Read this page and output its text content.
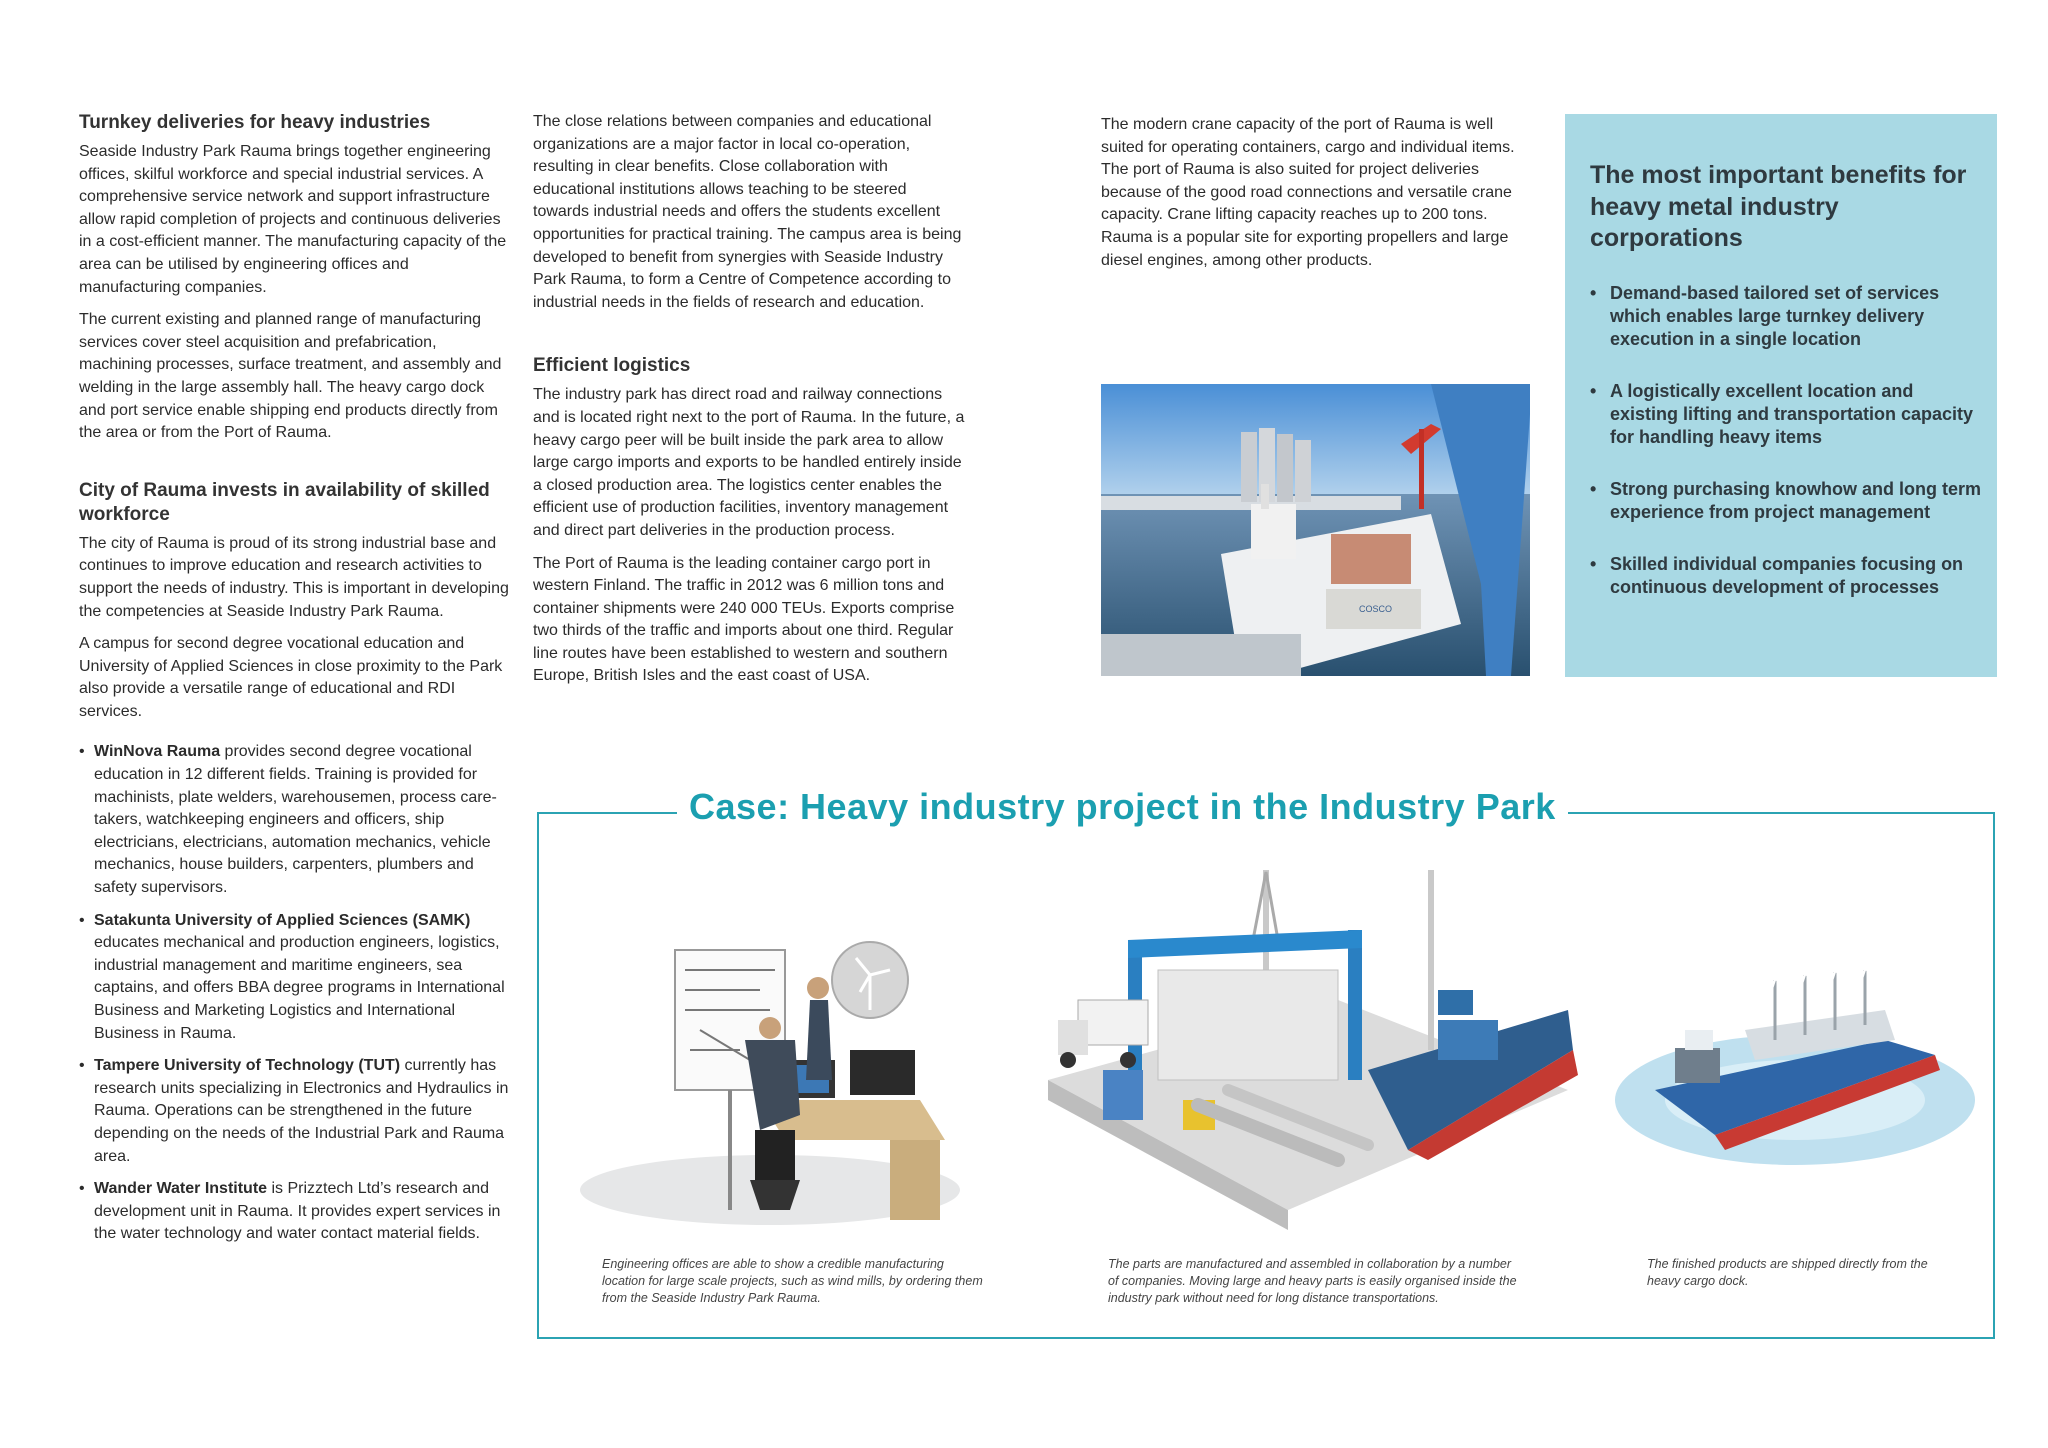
Turnkey deliveries for heavy industries

Seaside Industry Park Rauma brings together engineering offices, skilful workforce and special industrial services. A comprehensive service network and support infrastructure allow rapid completion of projects and continuous deliveries in a cost-efficient manner. The manufacturing capacity of the area can be utilised by engineering offices and manufacturing companies.

The current existing and planned range of manufacturing services cover steel acquisition and prefabrication, machining processes, surface treatment, and assembly and welding in the large assembly hall. The heavy cargo dock and port service enable shipping end products directly from the area or from the Port of Rauma.

City of Rauma invests in availability of skilled workforce

The city of Rauma is proud of its strong industrial base and continues to improve education and research activities to support the needs of industry. This is important in developing the competencies at Seaside Industry Park Rauma.

A campus for second degree vocational education and University of Applied Sciences in close proximity to the Park also provide a versatile range of educational and RDI services.

• WinNova Rauma provides second degree vocational education in 12 different fields. Training is provided for machinists, plate welders, warehousemen, process care-takers, watchkeeping engineers and officers, ship electricians, electricians, automation mechanics, vehicle mechanics, house builders, carpenters, plumbers and safety supervisors.
• Satakunta University of Applied Sciences (SAMK) educates mechanical and production engineers, logistics, industrial management and maritime engineers, sea captains, and offers BBA degree programs in International Business and Marketing Logistics and International Business in Rauma.
• Tampere University of Technology (TUT) currently has research units specializing in Electronics and Hydraulics in Rauma. Operations can be strengthened in the future depending on the needs of the Industrial Park and Rauma area.
• Wander Water Institute is Prizztech Ltd’s research and development unit in Rauma. It provides expert services in the water technology and water contact material fields.

The close relations between companies and educational organizations are a major factor in local co-operation, resulting in clear benefits. Close collaboration with educational institutions allows teaching to be steered towards industrial needs and offers the students excellent opportunities for practical training. The campus area is being developed to benefit from synergies with Seaside Industry Park Rauma, to form a Centre of Competence according to industrial needs in the fields of research and education.

Efficient logistics

The industry park has direct road and railway connections and is located right next to the port of Rauma. In the future, a heavy cargo peer will be built inside the park area to allow large cargo imports and exports to be handled entirely inside a closed production area. The logistics center enables the efficient use of production facilities, inventory management and direct part deliveries in the production process.

The Port of Rauma is the leading container cargo port in western Finland. The traffic in 2012 was 6 million tons and container shipments were 240 000 TEUs. Exports comprise two thirds of the traffic and imports about one third. Regular line routes have been established to western and southern Europe, British Isles and the east coast of USA.

The modern crane capacity of the port of Rauma is well suited for operating containers, cargo and individual items. The port of Rauma is also suited for project deliveries because of the good road connections and versatile crane capacity. Crane lifting capacity reaches up to 200 tons. Rauma is a popular site for exporting propellers and large diesel engines, among other products.

COSCO
The most important benefits for heavy metal industry corporations
• Demand-based tailored set of services which enables large turnkey delivery execution in a single location
• A logistically excellent location and existing lifting and transportation capacity for handling heavy items
• Strong purchasing knowhow and long term experience from project management
• Skilled individual companies focusing on continuous development of processes
Case: Heavy industry project in the Industry Park
Engineering offices are able to show a credible manufacturing location for large scale projects, such as wind mills, by ordering them from the Seaside Industry Park Rauma.
The parts are manufactured and assembled in collaboration by a number of companies. Moving large and heavy parts is easily organised inside the industry park without need for long distance transportations.
The finished products are shipped directly from the heavy cargo dock.
